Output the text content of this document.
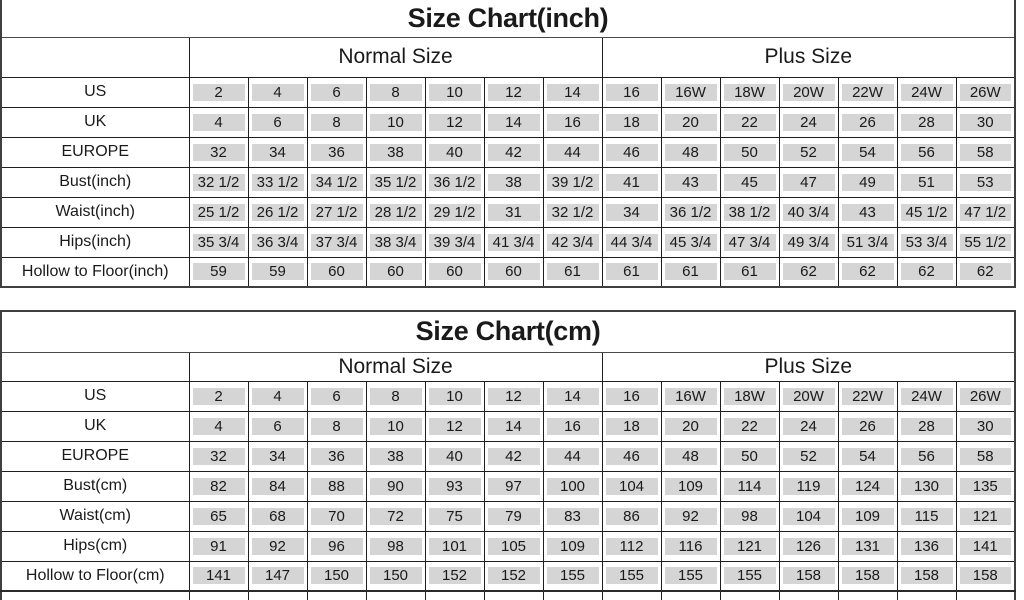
Size Chart(inch)														
	Normal Size							Plus Size						
US	2	4	6	8	10	12	14	16	16W	18W	20W	22W	24W	26W

UK	4	6	8	10	12	14	16	18	20	22	24	26	28	30

EUROPE	32	34	36	38	40	42	44	46	48	50	52	54	56	58

Bust(inch)	32 1/2	33 1/2	34 1/2	35 1/2	36 1/2	38	39 1/2	41	43	45	47	49	51	53

Waist(inch)	25 1/2	26 1/2	27 1/2	28 1/2	29 1/2	31	32 1/2	34	36 1/2	38 1/2	40 3/4	43	45 1/2	47 1/2

Hips(inch)	35 3/4	36 3/4	37 3/4	38 3/4	39 3/4	41 3/4	42 3/4	44 3/4	45 3/4	47 3/4	49 3/4	51 3/4	53 3/4	55 1/2

Hollow to Floor(inch)	59	59	60	60	60	60	61	61	61	61	62	62	62	62
Size Chart(cm)														
	Normal Size							Plus Size						
US	2	4	6	8	10	12	14	16	16W	18W	20W	22W	24W	26W

UK	4	6	8	10	12	14	16	18	20	22	24	26	28	30

EUROPE	32	34	36	38	40	42	44	46	48	50	52	54	56	58

Bust(cm)	82	84	88	90	93	97	100	104	109	114	119	124	130	135

Waist(cm)	65	68	70	72	75	79	83	86	92	98	104	109	115	121

Hips(cm)	91	92	96	98	101	105	109	112	116	121	126	131	136	141

Hollow to Floor(cm)	141	147	150	150	152	152	155	155	155	155	158	158	158	158
